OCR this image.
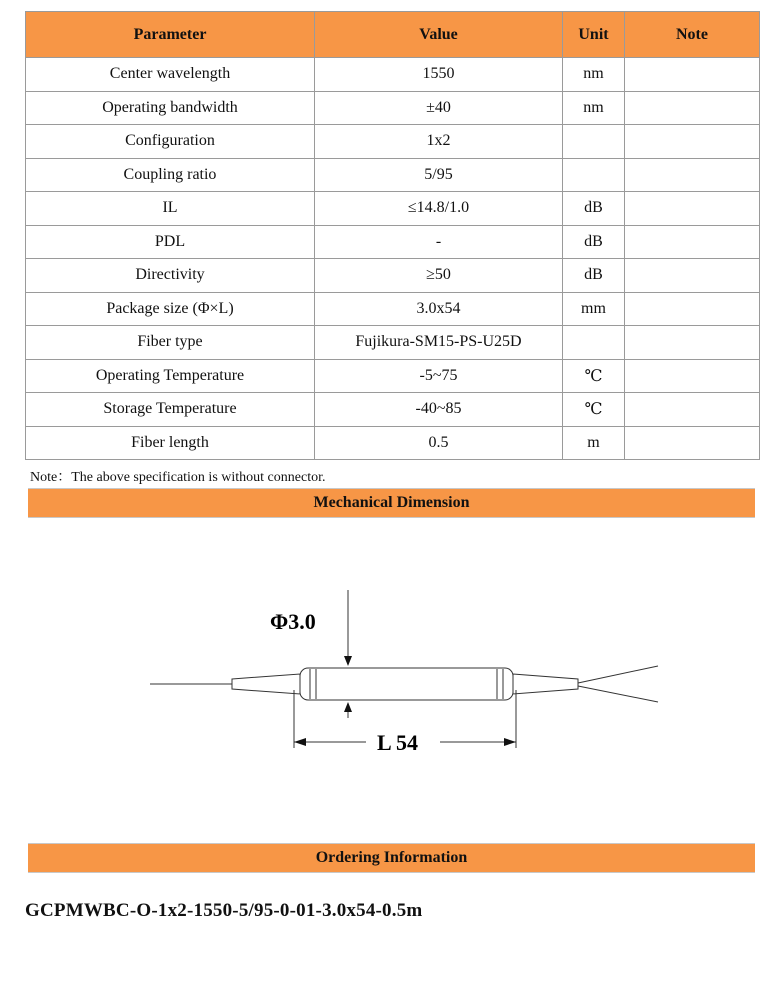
Parameter	Value	Unit	Note
Center wavelength	1550	nm	
Operating bandwidth	±40	nm	
Configuration	1x2		
Coupling ratio	5/95		
IL	≤14.8/1.0	dB	
PDL	-	dB	
Directivity	≥50	dB	
Package size (Φ×L)	3.0x54	mm	
Fiber type	Fujikura-SM15-PS-U25D		
Operating Temperature	-5~75	℃	
Storage Temperature	-40~85	℃	
Fiber length	0.5	m	
Note：The above specification is without connector.
Mechanical Dimension
Φ3.0
L 54
Ordering Information
GCPMWBC-O-1x2-1550-5/95-0-01-3.0x54-0.5m
